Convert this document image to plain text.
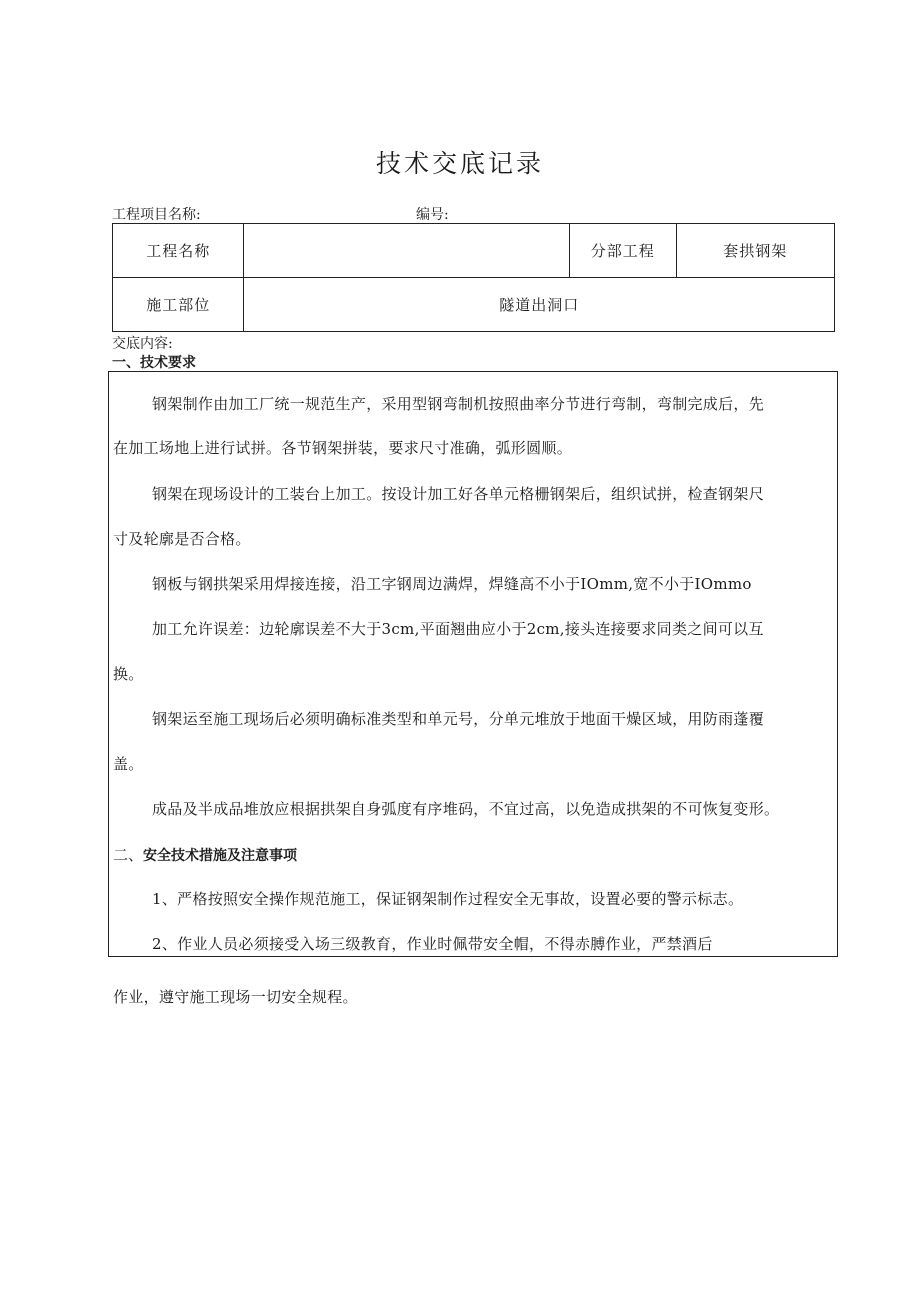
技术交底记录
工程项目名称:	编号:
工程名称		分部工程	套拱钢架
施工部位	隧道出洞口		
交底内容:
一、技术要求
钢架制作由加工厂统一规范生产，采用型钢弯制机按照曲率分节进行弯制，弯制完成后，先
在加工场地上进行试拼。各节钢架拼装，要求尺寸准确，弧形圆顺。
钢架在现场设计的工装台上加工。按设计加工好各单元格栅钢架后，组织试拼，检查钢架尺
寸及轮廓是否合格。
钢板与钢拱架采用焊接连接，沿工字钢周边满焊，焊缝高不小于IOmm,宽不小于IOmmo
加工允许误差：边轮廓误差不大于3cm,平面翘曲应小于2cm,接头连接要求同类之间可以互
换。
钢架运至施工现场后必须明确标准类型和单元号，分单元堆放于地面干燥区域，用防雨蓬覆
盖。
成品及半成品堆放应根据拱架自身弧度有序堆码，不宜过高，以免造成拱架的不可恢复变形。
二、安全技术措施及注意事项
1、严格按照安全操作规范施工，保证钢架制作过程安全无事故，设置必要的警示标志。
2、作业人员必须接受入场三级教育，作业时佩带安全帽，不得赤膊作业，严禁酒后
作业，遵守施工现场一切安全规程。
